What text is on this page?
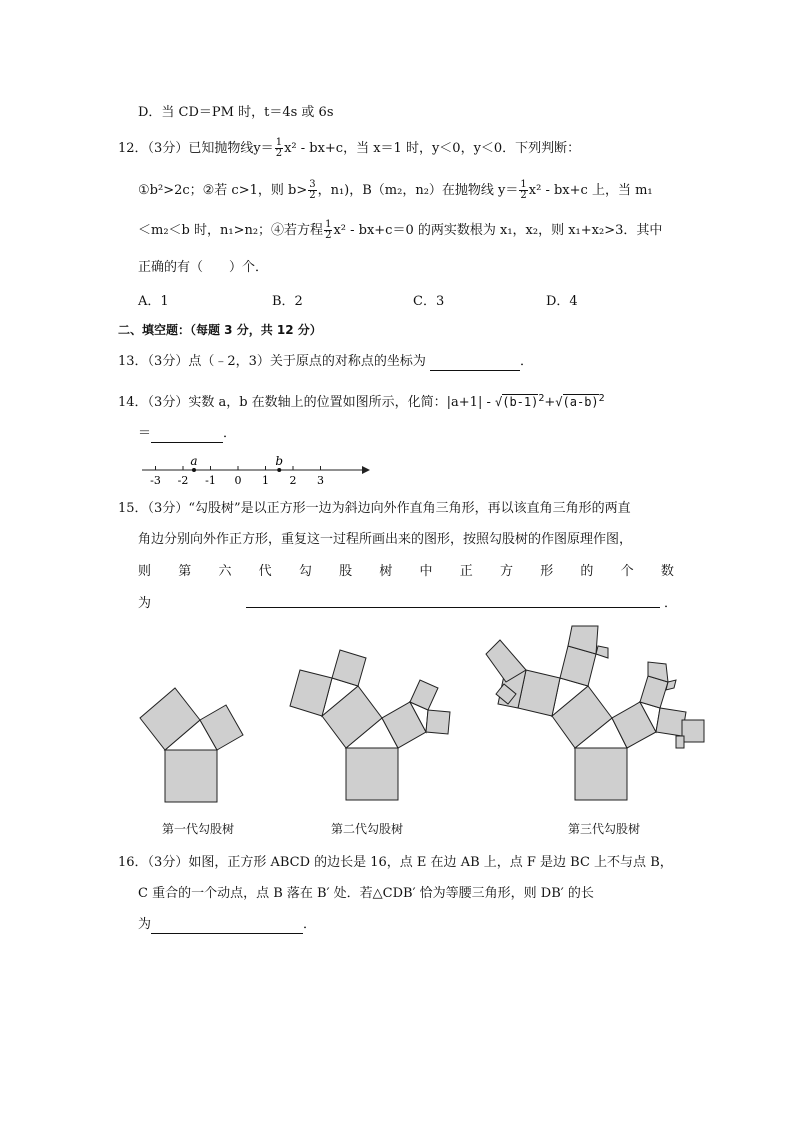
D．当 CD＝PM 时，t＝4s 或 6s
12．（3分）已知抛物线$y= \frac{1}{2} x^2 - bx+c$，当 x＝1 时，y＜0，y＜0．下列判断：
①b²>2c；②若 c>1，则 $b> \frac{3}{2}$ ，n₁)，B（m₂，n₂）在抛物线 $y= \frac{1}{2} x^2 - bx+c$ 上，当 m₁
＜m₂＜b 时，n₁>n₂；④若方程 $\frac{1}{2} x^2 - bx+c=0$ 的两实数根为 x₁，x₂，则 x₁+x₂>3．其中
正确的有（　　）个．
A．1	B．2	C．3	D．4
二、填空题：（每题 3 分，共 12 分）
13．（3分）点（﹣2，3）关于原点的对称点的坐标为	．
14．（3分）实数 a，b 在数轴上的位置如图所示，化简：$|a+1| - √(b-1)^2+√(a-b)^2$
＝	．
-3 -2 -1 0 1 2 3
a	b
15．（3分）“勾股树”是以正方形一边为斜边向外作直角三角形，再以该直角三角形的两直
角边分别向外作正方形，重复这一过程所画出来的图形，按照勾股树的作图原理作图，
则 第 六 代 勾 股 树 中 正 方 形 的 个 数
为	．
第一代勾股树	第二代勾股树	第三代勾股树
16．（3分）如图，正方形 ABCD 的边长是 16，点 E 在边 AB 上，点 F 是边 BC 上不与点 B，
C 重合的一个动点，点 B 落在 B′ 处．若△CDB′ 恰为等腰三角形，则 DB′ 的长
为	．
